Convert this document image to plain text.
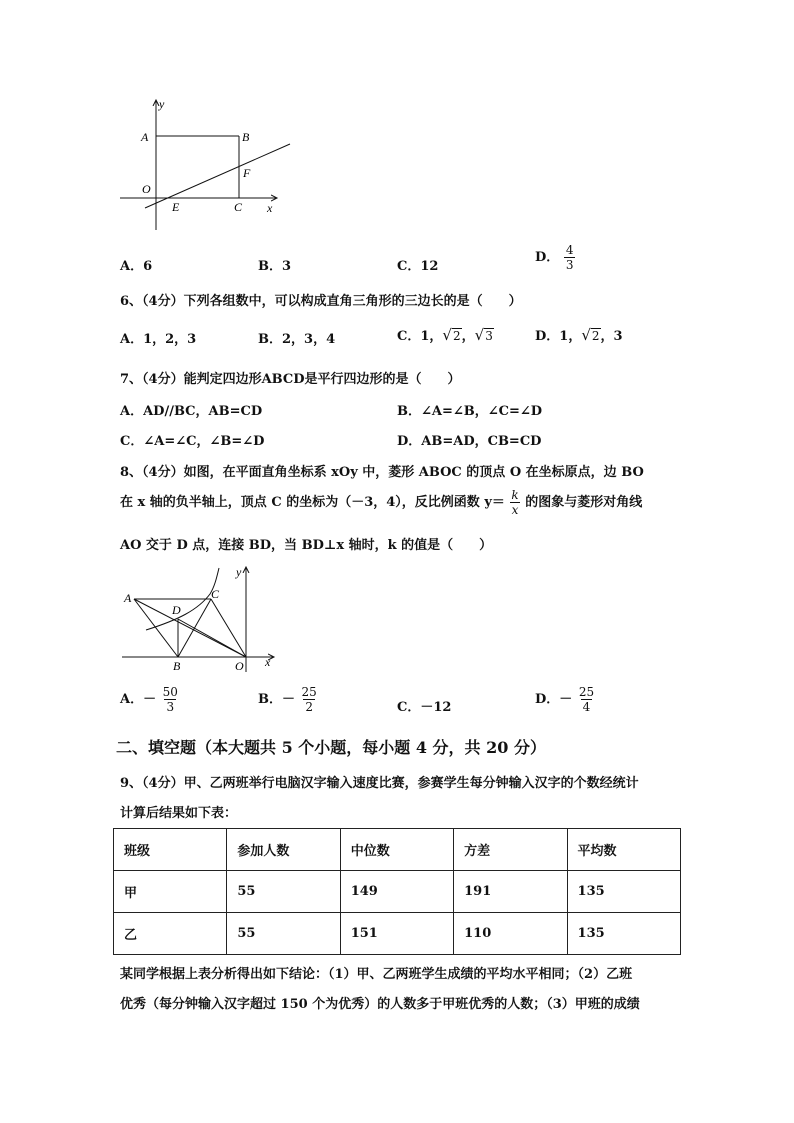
y
A	B
F
O
E	C x
A．6	B．3	C．12
D． $\frac{4}{3}$
6、（4分）下列各组数中，可以构成直角三角形的三边长的是（　　）
A．1，2，3	B．2，3，4	C．1，√2，√3	D．1，√2，3
7、（4分）能判定四边形ABCD是平行四边形的是（　　）
A．AD//BC，AB=CD	B．∠A=∠B，∠C=∠D
C．∠A=∠C，∠B=∠D	D．AB=AD，CB=CD
8、（4分）如图，在平面直角坐标系 xOy 中，菱形 ABOC 的顶点 O 在坐标原点，边 BO
在 x 轴的负半轴上，顶点 C 的坐标为（－3，4），反比例函数 $y= \frac{k}{x}$ 的图象与菱形对角线
AO 交于 D 点，连接 BD，当 BD⊥x 轴时，k 的值是（　　）
y
A
D
C
B	O x
A．－ $\frac{50}{3}$	B．－ $\frac{25}{2}$	C．－12
D．－ $\frac{25}{4}$
二、填空题（本大题共 5 个小题，每小题 4 分，共 20 分）
9、（4分）甲、乙两班举行电脑汉字输入速度比赛，参赛学生每分钟输入汉字的个数经统计
计算后结果如下表：
班级	参加人数	中位数	方差	平均数
甲	55	149	191	135
乙	55	151	110	135
某同学根据上表分析得出如下结论：（1）甲、乙两班学生成绩的平均水平相同；（2）乙班
优秀（每分钟输入汉字超过 150 个为优秀）的人数多于甲班优秀的人数；（3）甲班的成绩
